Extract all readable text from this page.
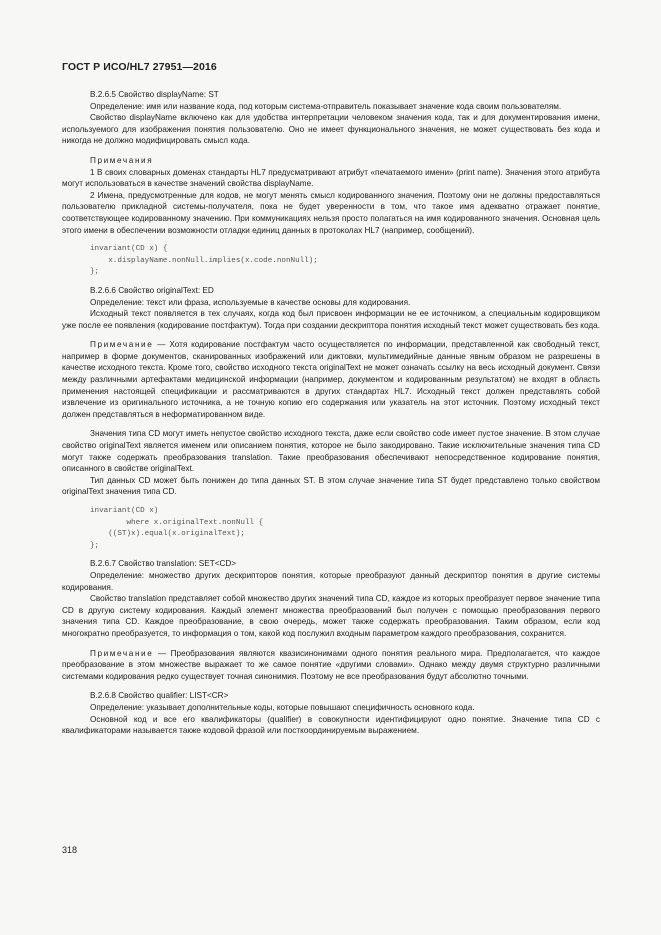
ГОСТ Р ИСО/HL7 27951—2016

B.2.6.5 Свойство displayName: ST

Определение: имя или название кода, под которым система-отправитель показывает значение кода своим пользователям.

Свойство displayName включено как для удобства интерпретации человеком значения кода, так и для документирования имени, используемого для изображения понятия пользователю. Оно не имеет функционального значения, не может существовать без кода и никогда не должно модифицировать смысл кода.

Примечания

1 В своих словарных доменах стандарты HL7 предусматривают атрибут «печатаемого имени» (print name). Значения этого атрибута могут использоваться в качестве значений свойства displayName.

2 Имена, предусмотренные для кодов, не могут менять смысл кодированного значения. Поэтому они не должны предоставляться пользователю прикладной системы-получателя, пока не будет уверенности в том, что такое имя адекватно отражает понятие, соответствующее кодированному значению. При коммуникациях нельзя просто полагаться на имя кодированного значения. Основная цель этого имени в обеспечении возможности отладки единиц данных в протоколах HL7 (например, сообщений).

invariant(CD x) {
x.displayName.nonNull.implies(x.code.nonNull);
};

B.2.6.6 Свойство originalText: ED

Определение: текст или фраза, используемые в качестве основы для кодирования.

Исходный текст появляется в тех случаях, когда код был присвоен информации не ее источником, а специальным кодировщиком уже после ее появления (кодирование постфактум). Тогда при создании дескриптора понятия исходный текст может существовать без кода.

Примечание — Хотя кодирование постфактум часто осуществляется по информации, представленной как свободный текст, например в форме документов, сканированных изображений или диктовки, мультимедийные данные явным образом не разрешены в качестве исходного текста. Кроме того, свойство исходного текста originalText не может означать ссылку на весь исходный документ. Связи между различными артефактами медицинской информации (например, документом и кодированным результатом) не входят в область применения настоящей спецификации и рассматриваются в других стандартах HL7. Исходный текст должен представлять собой извлечение из оригинального источника, а не точную копию его содержания или указатель на этот источник. Поэтому исходный текст должен представляться в неформатированном виде.

Значения типа CD могут иметь непустое свойство исходного текста, даже если свойство code имеет пустое значение. В этом случае свойство originalText является именем или описанием понятия, которое не было закодировано. Такие исключительные значения типа CD могут также содержать преобразования translation. Такие преобразования обеспечивают непосредственное кодирование понятия, описанного в свойстве originalText.

Тип данных CD может быть понижен до типа данных ST. В этом случае значение типа ST будет представлено только свойством originalText значения типа CD.

invariant(CD x)
where x.originalText.nonNull {
((ST)x).equal(x.originalText);
};

B.2.6.7 Свойство translation: SET<CD>

Определение: множество других дескрипторов понятия, которые преобразуют данный дескриптор понятия в другие системы кодирования.

Свойство translation представляет собой множество других значений типа CD, каждое из которых преобразует первое значение типа CD в другую систему кодирования. Каждый элемент множества преобразований был получен с помощью преобразования первого значения типа CD. Каждое преобразование, в свою очередь, может также содержать преобразования. Таким образом, если код многократно преобразуется, то информация о том, какой код послужил входным параметром каждого преобразования, сохранится.

Примечание — Преобразования являются квазисинонимами одного понятия реального мира. Предполагается, что каждое преобразование в этом множестве выражает то же самое понятие «другими словами». Однако между двумя структурно различными системами кодирования редко существует точная синонимия. Поэтому не все преобразования будут абсолютно точными.

B.2.6.8 Свойство qualifier: LIST<CR>

Определение: указывает дополнительные коды, которые повышают специфичность основного кода.

Основной код и все его квалификаторы (qualifier) в совокупности идентифицируют одно понятие. Значение типа CD с квалификаторами называется также кодовой фразой или посткоординируемым выражением.

318
